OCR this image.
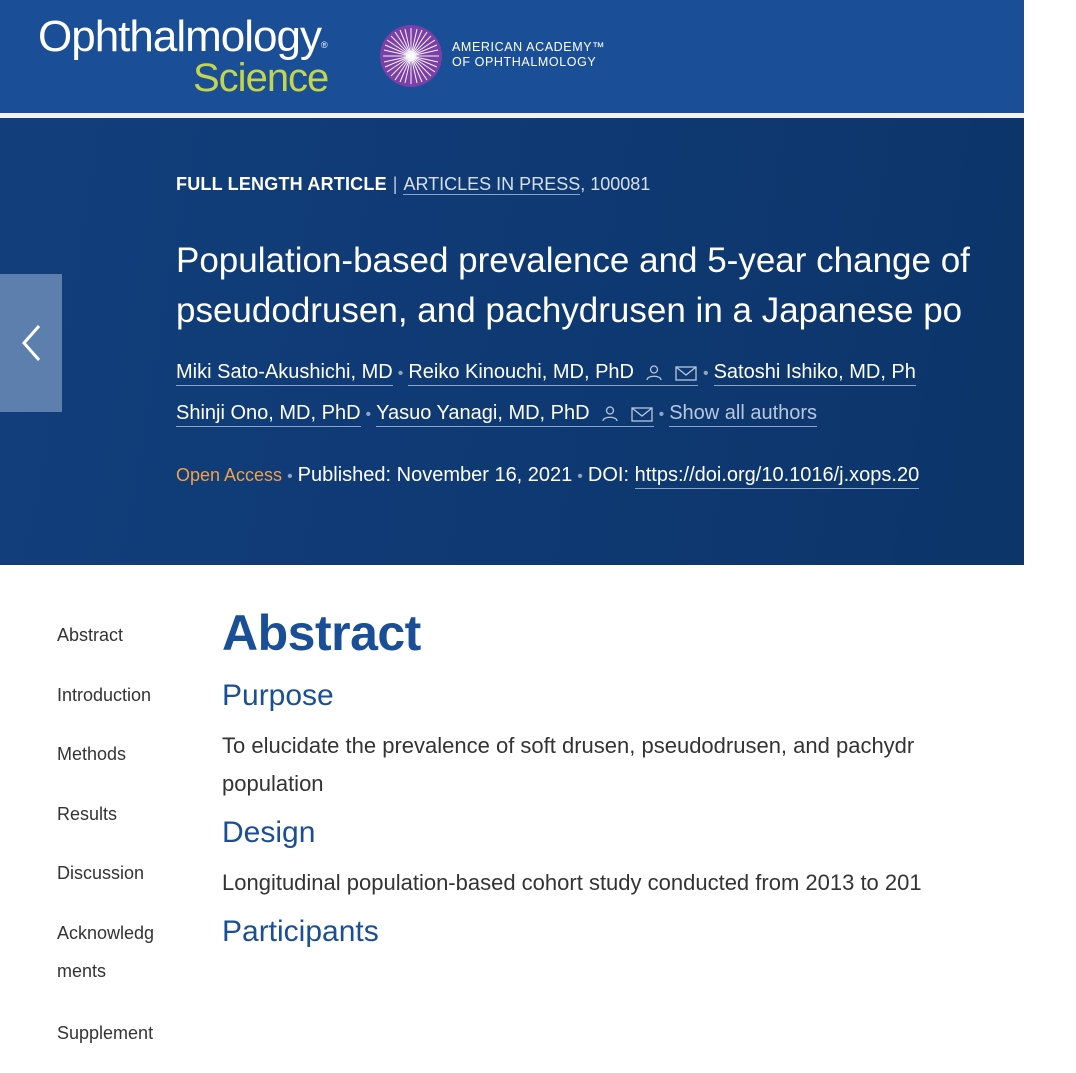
Ophthalmology®
Science
AMERICAN ACADEMY™
OF OPHTHALMOLOGY
FULL LENGTH ARTICLE | ARTICLES IN PRESS, 100081
Population-based prevalence and 5-year change of
pseudodrusen, and pachydrusen in a Japanese po
Miki Sato-Akushichi, MD • Reiko Kinouchi, MD, PhD	• Satoshi Ishiko, MD, Ph
Shinji Ono, MD, PhD • Yasuo Yanagi, MD, PhD	• Show all authors
Open Access • Published: November 16, 2021 • DOI: https://doi.org/10.1016/j.xops.20
Abstract
Introduction
Methods
Results
Discussion
Acknowledgments
Supplement
Abstract
Purpose

To elucidate the prevalence of soft drusen, pseudodrusen, and pachydr
population

Design

Longitudinal population-based cohort study conducted from 2013 to 201

Participants
